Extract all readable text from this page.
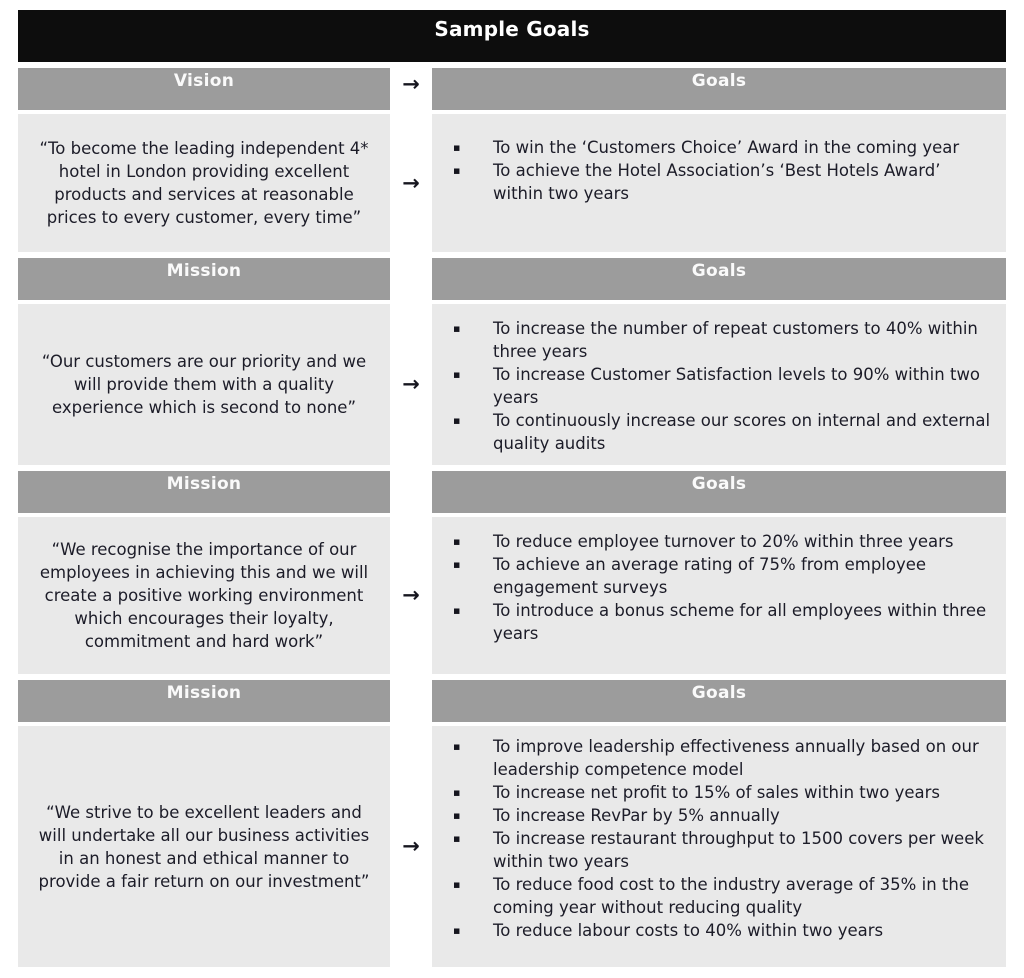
Sample Goals
Vision	→	Goals
“To become the leading independent 4* hotel in London providing excellent products and services at reasonable prices to every customer, every time”
→
▪	To win the ‘Customers Choice’ Award in the coming year
▪	To achieve the Hotel Association’s ‘Best Hotels Award’ within two years
Mission	Goals
“Our customers are our priority and we will provide them with a quality experience which is second to none”
→
▪	To increase the number of repeat customers to 40% within three years
▪	To increase Customer Satisfaction levels to 90% within two years
▪	To continuously increase our scores on internal and external quality audits
Mission	Goals
“We recognise the importance of our employees in achieving this and we will create a positive working environment which encourages their loyalty, commitment and hard work”
→
▪	To reduce employee turnover to 20% within three years
▪	To achieve an average rating of 75% from employee engagement surveys
▪	To introduce a bonus scheme for all employees within three years
Mission	Goals
“We strive to be excellent leaders and will undertake all our business activities in an honest and ethical manner to provide a fair return on our investment”
→
▪	To improve leadership effectiveness annually based on our leadership competence model
▪	To increase net profit to 15% of sales within two years
▪	To increase RevPar by 5% annually
▪	To increase restaurant throughput to 1500 covers per week within two years
▪	To reduce food cost to the industry average of 35% in the coming year without reducing quality
▪	To reduce labour costs to 40% within two years
